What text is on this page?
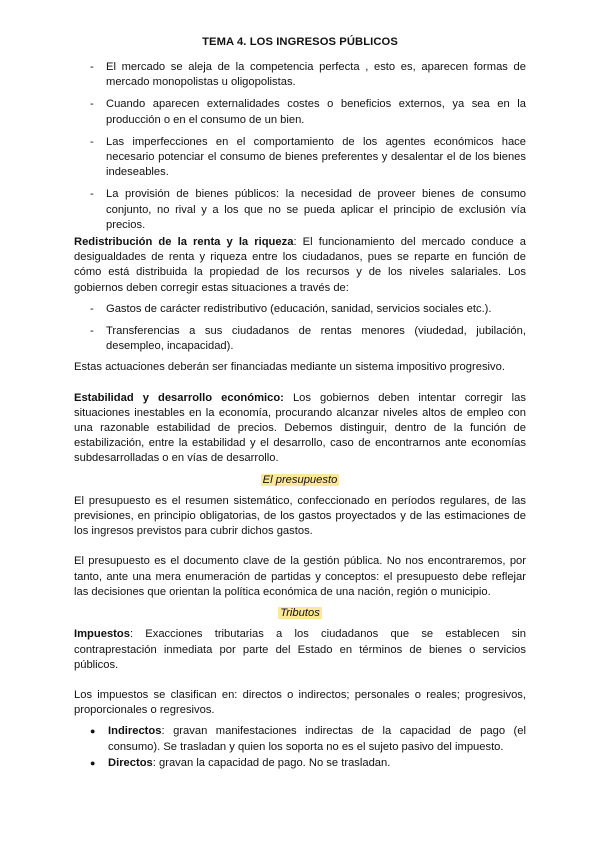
TEMA 4. LOS INGRESOS PÚBLICOS
- El mercado se aleja de la competencia perfecta , esto es, aparecen formas de mercado monopolistas u oligopolistas.
- Cuando aparecen externalidades costes o beneficios externos, ya sea en la producción o en el consumo de un bien.
- Las imperfecciones en el comportamiento de los agentes económicos hace necesario potenciar el consumo de bienes preferentes y desalentar el de los bienes indeseables.
- La provisión de bienes públicos: la necesidad de proveer bienes de consumo conjunto, no rival y a los que no se pueda aplicar el principio de exclusión vía precios.

Redistribución de la renta y la riqueza: El funcionamiento del mercado conduce a desigualdades de renta y riqueza entre los ciudadanos, pues se reparte en función de cómo está distribuida la propiedad de los recursos y de los niveles salariales. Los gobiernos deben corregir estas situaciones a través de:

- Gastos de carácter redistributivo (educación, sanidad, servicios sociales etc.).
- Transferencias a sus ciudadanos de rentas menores (viudedad, jubilación, desempleo, incapacidad).

Estas actuaciones deberán ser financiadas mediante un sistema impositivo progresivo.

Estabilidad y desarrollo económico: Los gobiernos deben intentar corregir las situaciones inestables en la economía, procurando alcanzar niveles altos de empleo con una razonable estabilidad de precios. Debemos distinguir, dentro de la función de estabilización, entre la estabilidad y el desarrollo, caso de encontrarnos ante economías subdesarrolladas o en vías de desarrollo.

El presupuesto

El presupuesto es el resumen sistemático, confeccionado en períodos regulares, de las previsiones, en principio obligatorias, de los gastos proyectados y de las estimaciones de los ingresos previstos para cubrir dichos gastos.

El presupuesto es el documento clave de la gestión pública. No nos encontraremos, por tanto, ante una mera enumeración de partidas y conceptos: el presupuesto debe reflejar las decisiones que orientan la política económica de una nación, región o municipio.

Tributos

Impuestos: Exacciones tributarias a los ciudadanos que se establecen sin contraprestación inmediata por parte del Estado en términos de bienes o servicios públicos.

Los impuestos se clasifican en: directos o indirectos; personales o reales; progresivos, proporcionales o regresivos.

● Indirectos: gravan manifestaciones indirectas de la capacidad de pago (el consumo). Se trasladan y quien los soporta no es el sujeto pasivo del impuesto.
● Directos: gravan la capacidad de pago. No se trasladan.
